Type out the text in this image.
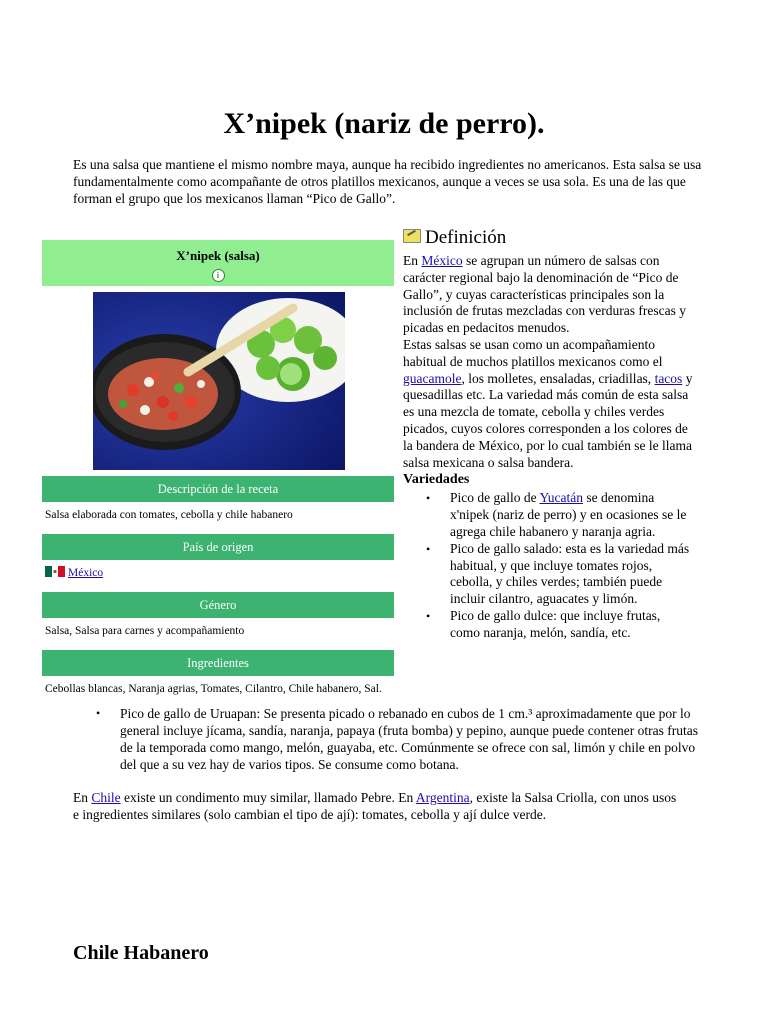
X’nipek (nariz de perro).
Es una salsa que mantiene el mismo nombre maya, aunque ha recibido ingredientes no americanos. Esta salsa se usa fundamentalmente como acompañante de otros platillos mexicanos, aunque a veces se usa sola. Es una de las que forman el grupo que los mexicanos llaman “Pico de Gallo”.
X’nipek (salsa)
i
Descripción de la receta
Salsa elaborada con tomates, cebolla y chile habanero
País de origen
México
Género
Salsa, Salsa para carnes y acompañamiento
Ingredientes
Cebollas blancas, Naranja agrias, Tomates, Cilantro, Chile habanero, Sal.
Definición
En México se agrupan un número de salsas con carácter regional bajo la denominación de “Pico de Gallo”, y cuyas características principales son la inclusión de frutas mezcladas con verduras frescas y picadas en pedacitos menudos.
Estas salsas se usan como un acompañamiento habitual de muchos platillos mexicanos como el guacamole, los molletes, ensaladas, criadillas, tacos y quesadillas etc. La variedad más común de esta salsa es una mezcla de tomate, cebolla y chiles verdes picados, cuyos colores corresponden a los colores de la bandera de México, por lo cual también se le llama salsa mexicana o salsa bandera.
Variedades
• Pico de gallo de Yucatán se denomina x'nipek (nariz de perro) y en ocasiones se le agrega chile habanero y naranja agria.
• Pico de gallo salado: esta es la variedad más habitual, y que incluye tomates rojos, cebolla, y chiles verdes; también puede incluir cilantro, aguacates y limón.
• Pico de gallo dulce: que incluye frutas, como naranja, melón, sandía, etc.
• Pico de gallo de Uruapan: Se presenta picado o rebanado en cubos de 1 cm.³ aproximadamente que por lo general incluye jícama, sandía, naranja, papaya (fruta bomba) y pepino, aunque puede contener otras frutas de la temporada como mango, melón, guayaba, etc. Comúnmente se ofrece con sal, limón y chile en polvo del que a su vez hay de varios tipos. Se consume como botana.
En Chile existe un condimento muy similar, llamado Pebre. En Argentina, existe la Salsa Criolla, con unos usos e ingredientes similares (solo cambian el tipo de ají): tomates, cebolla y ají dulce verde.
Chile Habanero
